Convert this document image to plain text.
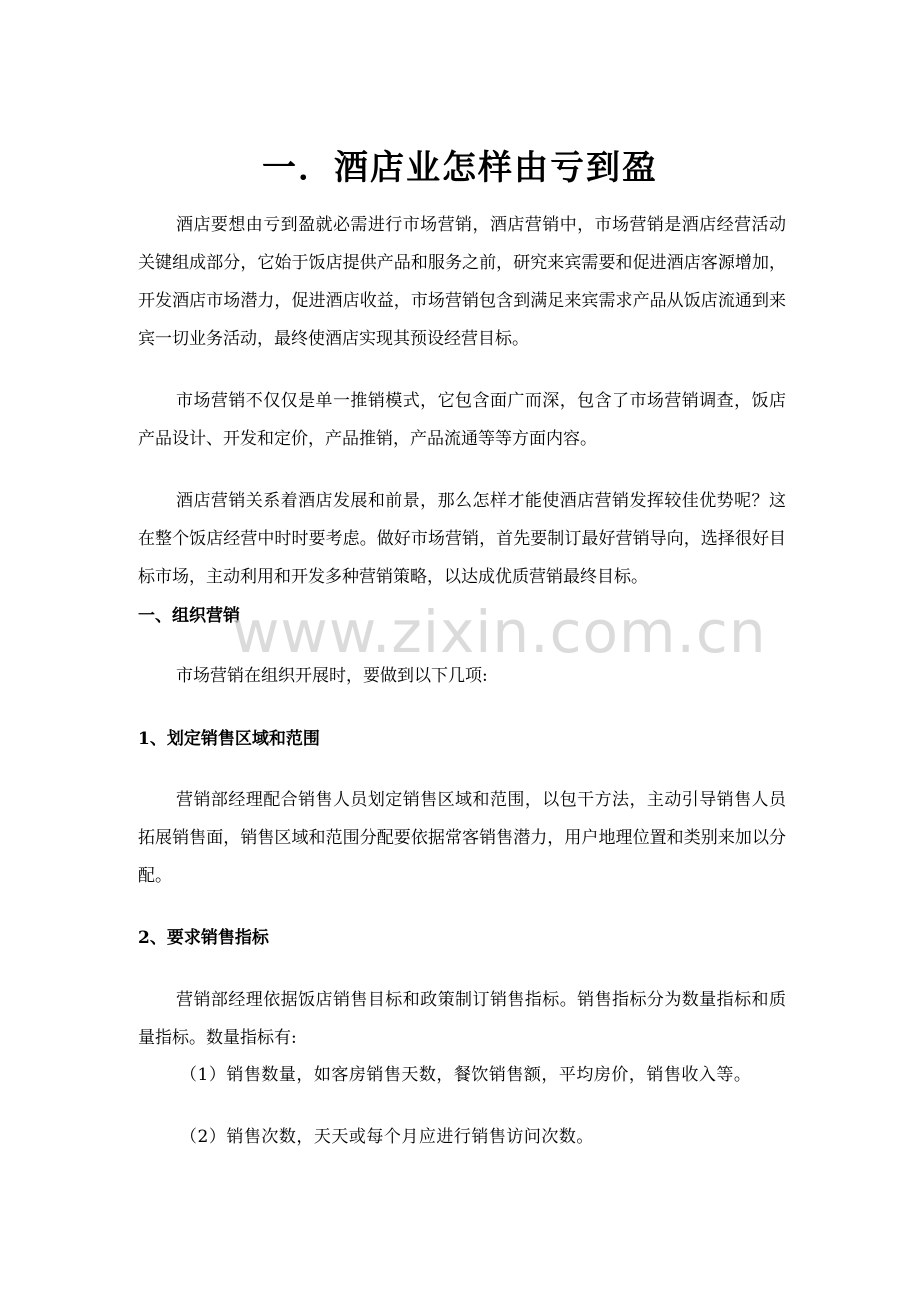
一．酒店业怎样由亏到盈

酒店要想由亏到盈就必需进行市场营销，酒店营销中，市场营销是酒店经营活动关键组成部分，它始于饭店提供产品和服务之前，研究来宾需要和促进酒店客源增加，开发酒店市场潜力，促进酒店收益，市场营销包含到满足来宾需求产品从饭店流通到来宾一切业务活动，最终使酒店实现其预设经营目标。

市场营销不仅仅是单一推销模式，它包含面广而深，包含了市场营销调查，饭店产品设计、开发和定价，产品推销，产品流通等等方面内容。

酒店营销关系着酒店发展和前景，那么怎样才能使酒店营销发挥较佳优势呢？这在整个饭店经营中时时要考虑。做好市场营销，首先要制订最好营销导向，选择很好目标市场，主动利用和开发多种营销策略，以达成优质营销最终目标。

一、组织营销

市场营销在组织开展时，要做到以下几项:

1、划定销售区域和范围

营销部经理配合销售人员划定销售区域和范围，以包干方法，主动引导销售人员拓展销售面，销售区域和范围分配要依据常客销售潜力，用户地理位置和类别来加以分配。

2、要求销售指标

营销部经理依据饭店销售目标和政策制订销售指标。销售指标分为数量指标和质量指标。数量指标有:

（1）销售数量，如客房销售天数，餐饮销售额，平均房价，销售收入等。

（2）销售次数，天天或每个月应进行销售访问次数。

www.zixin.com.cn
